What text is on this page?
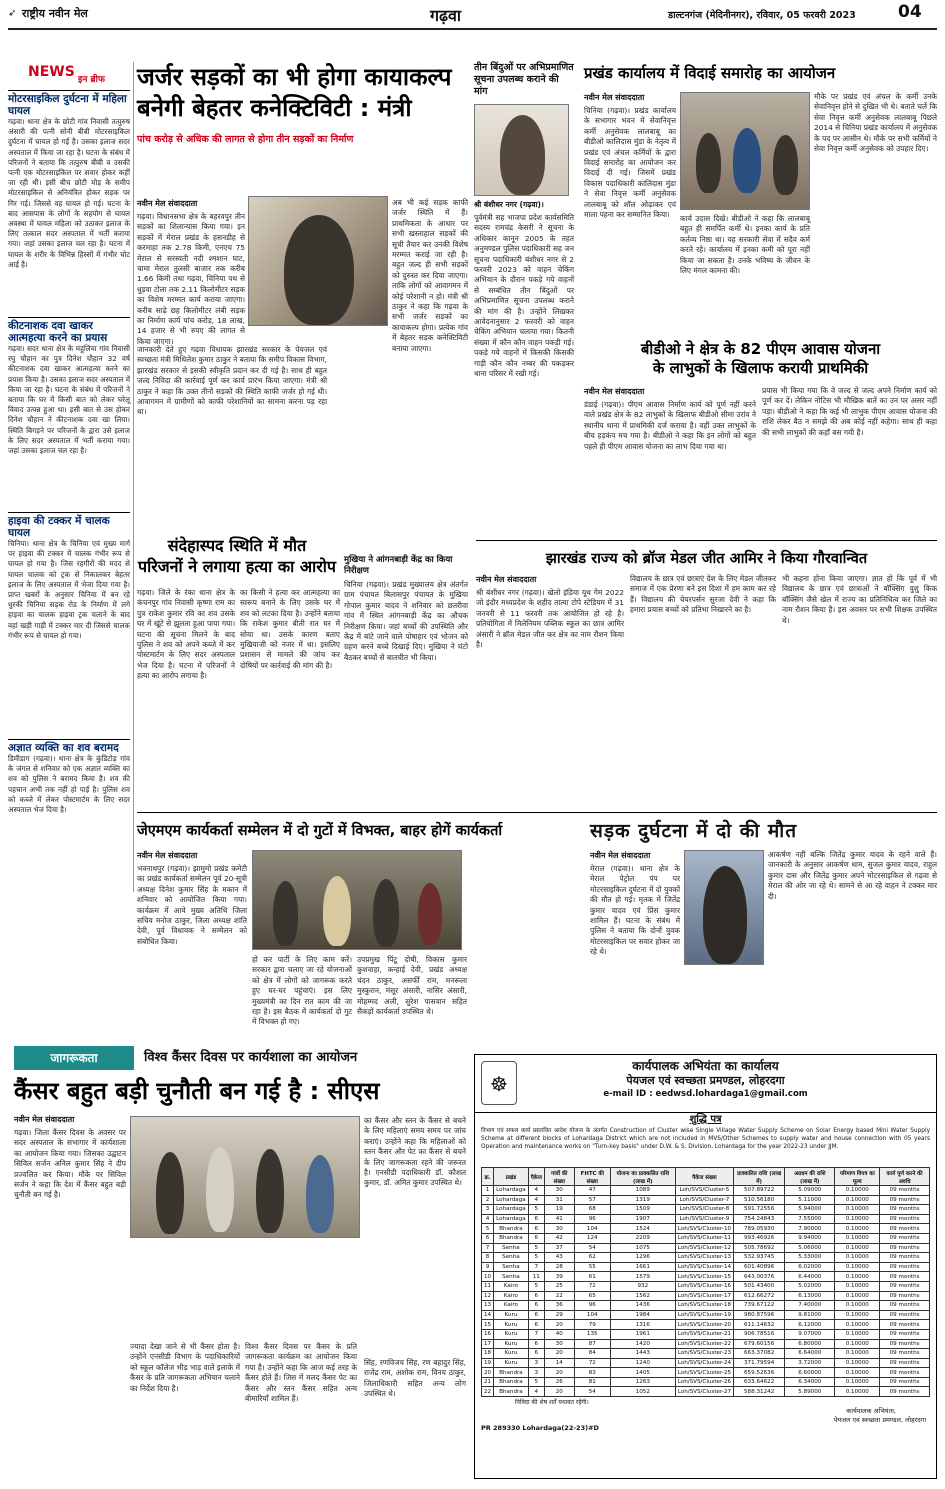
➶ राष्ट्रीय नवीन मेल	गढ़वा	डाल्टनगंज (मेदिनीनगर), रविवार, 05 फरवरी 2023 04
NEWS इन ब्रीफ
मोटरसाइकिल दुर्घटना में महिला घायल
गढ़वा। थाना क्षेत्र के छोटी गांव निवासी तत्पुरुष अंसारी की पत्नी सोनी बीबी मोटरसाइकिल दुर्घटना में घायल हो गई है। उसका इलाज सदर अस्पताल में किया जा रहा है। घटना के संबंध में परिजनों ने बताया कि तत्पुरुष बीबी व उसकी पत्नी एक मोटरसाइकिल पर सवार होकर कहीं जा रही थी। इसी बीच छोटी मोड़ के समीप मोटरसाइकिल से अनियंत्रित होकर सड़क पर गिर गई। जिससे वह घायल हो गई। घटना के बाद आसपास के लोगों के सहयोग से घायल अवस्था में घायल महिला को उठाकर इलाज के लिए तत्काल सदर अस्पताल में भर्ती कराया गया। जहां उसका इलाज चल रहा है। घटना में घायल के शरीर के विभिन्न हिस्सों में गंभीर चोट आई है।
कीटनाशक दवा खाकर आत्महत्या करने का प्रयास
गढ़वा। सदर थाना क्षेत्र के महुलिया गांव निवासी रघु चौहान का पुत्र दिनेश चौहान 32 वर्ष कीटनाशक दवा खाकर आत्महत्या करने का प्रयास किया है। उसका इलाज सदर अस्पताल में किया जा रहा है। घटना के संबंध में परिजनों ने बताया कि घर में किसी बात को लेकर घरेलू विवाद उत्पन्न हुआ था। इसी बात से उस होकर दिनेश चौहान ने कीटनाशक दवा खा लिया। स्थिति बिगड़ने पर परिजनों के द्वारा उसे इलाज के लिए सदर अस्पताल में भर्ती कराया गया। जहां उसका इलाज चल रहा है।
हाइवा की टक्कर में चालक घायल
चिनिया। थाना क्षेत्र के चिनिया एवं मुख्य मार्ग पर हाइवा की टक्कर में चालक गंभीर रूप से घायल हो गया है। जिस रहगीरों की मदद से घायल चालक को ट्रक से निकालकर बेहतर इलाज के लिए अस्पताल में भेजा दिया गया है। प्राप्त खबरों के अनुसार चिनिया में बन रहे धुरकी चिनिया सड़क रोड के निर्माण में लगे हाइवा का चालक हाइवा ट्रक चलाने के बाद वहां खड़ी गाड़ी में टक्कर मार दी जिससे चालक गंभीर रूप से घायल हो गया।
अज्ञात व्यक्ति का शव बरामद
डिमीडाग (गढ़वा)। थाना क्षेत्र के कुंडिटोड़ गांव के जंगल से शनिवार को एक अज्ञात व्यक्ति का शव को पुलिस ने बरामद किया है। शव की पहचान अभी तक नहीं हो पाई है। पुलिस शव को कब्जे में लेकर पोस्टमार्टम के लिए सदर अस्पताल भेज दिया है।
जर्जर सड़कों का भी होगा कायाकल्प
बनेगी बेहतर कनेक्टिविटी : मंत्री
पांच करोड़ से अधिक की लागत से होगा तीन सड़कों का निर्माण
नवीन मेल संवाददाता
गढ़वा। विधानसभा क्षेत्र के बहरवपुर तीन सड़कों का शिलान्यास किया गया। इन सड़कों में मेराल प्रखंड के हसनडीह से करमाहा तक 2.78 किमी, एनएच 75 मेराल से सरस्वती नदी श्मशान घाट, चामा मेराल तुलसी बाजार तक करीब 1.66 किमी तथा गढ़वा, चिनिया पथ से धुड़वा टोला तक 2.11 किलोमीटर सड़क का विशेष मरम्मत कार्य कराया जाएगा। करीब साढ़े छह किलोमीटर लंबी सड़क का निर्माण कार्य पांच करोड़, 18 लाख, 14 हजार से भी रुपए की लागत से किया जाएगा।
अब भी कई सड़क काफी जर्जर स्थिति में हैं। प्राथमिकता के आधार पर सभी खस्ताहाल सड़कों की सूची तैयार कर उनकी विशेष मरम्मत कराई जा रही है। बहुत जल्द ही सभी सड़कों को दुरुस्त कर दिया जाएगा। ताकि लोगों को आवागमन में कोई परेशानी न हो। मंत्री श्री ठाकुर ने कहा कि गढ़वा के सभी जर्जर सड़कों का कायाकल्प होगा। प्रत्येक गांव में बेहतर सड़क कनेक्टिविटी बनाया जाएगा।
जानकारी देते हुए गढ़वा विधायक झारखंड सरकार के पेयजल एवं स्वच्छता मंत्री मिथिलेश कुमार ठाकुर ने बताया कि समीप विकास विभाग, झारखंड सरकार से इसकी स्वीकृति प्रदान कर दी गई है। साथ ही बहुत जल्द निविदा की कार्रवाई पूर्ण कर कार्य प्रारंभ किया जाएगा। मंत्री श्री ठाकुर ने कहा कि उक्त तीनों सड़कों की स्थिति काफी जर्जर हो गई थी। आवागमन में ग्रामीणों को काफी परेशानियों का सामना करना पड़ रहा था।
तीन बिंदुओं पर अभिप्रमाणित सूचना उपलब्ध कराने की मांग
श्री बंशीधर नगर (गढ़वा)।
पूर्वमंत्री सह भाजपा प्रदेश कार्यसमिति सदस्य रामचंद्र केसरी ने सूचना के अधिकार कानून 2005 के तहत अनुमण्डल पुलिस पदाधिकारी सह जन सूचना पदाधिकारी बंशीधर नगर से 2 फरवरी 2023 को वाहन चेकिंग अभियान के दौरान पकड़े गये वाहनों से सम्बंधित तीन बिंदुओं पर अभिप्रमाणित सूचना उपलब्ध कराने की मांग की है। उन्होंने लिखकर आवेदनानुसार 2 फरवरी को वाहन चेकिंग अभियान चलाया गया। कितनी संख्या में कौन कौन वाहन पकड़ी गई। पकड़े गये वाहनों में किसकी किसकी गाड़ी कौन कौन नम्बर की पकड़कर थाना परिसर में रखी गई।
प्रखंड कार्यालय में विदाई समारोह का आयोजन
नवीन मेल संवाददाता
चिनिया (गढ़वा)। प्रखंड कार्यालय के सभागार भवन में सेवानिवृत्त कर्मी अनुसेवक लालबाबू का बीडीओ कालिदास मुंडा के नेतृत्व में प्रखंड एवं अंचल कर्मियों के द्वारा विदाई समारोह का आयोजन कर विदाई दी गई। जिसमें प्रखंड विकास पदाधिकारी कालिदास मुंडा ने सेवा निवृत्त कर्मी अनुसेवक लालबाबू को शॉल ओढ़ाकर एवं माला पहना कर सम्मानित किया।	कार्य उदास दिखे। बीडीओ ने कहा कि लालबाबू बहुत ही समर्पित कर्मी थे। इनका कार्य के प्रति कर्तव्य निष्ठा था। यह सरकारी सेवा में सदैव कर्म करते रहे। कार्यालय में इनका कमी को पूरा नहीं किया जा सकता है। उनके भविष्य के जीवन के लिए मंगल कामना की।
मौके पर प्रखंड एवं अंचल के कर्मी उनके सेवानिवृत्त होने से दुखित भी थे। बताते चलें कि सेवा निवृत्त कर्मी अनुसेवक लालबाबू पिछले 2014 से चिनिया प्रखंड कार्यालय में अनुसेवक के पद पर आसीन थे। मौके पर सभी कर्मियों ने सेवा निवृत्त कर्मी अनुसेवक को उपहार दिए।
बीडीओ ने क्षेत्र के 82 पीएम आवास योजना
के लाभुकों के खिलाफ करायी प्राथमिकी
नवीन मेल संवाददाता
डंडाई (गढ़वा)। पीएम आवास निर्माण कार्य को पूर्ण नहीं करने वाले प्रखंड क्षेत्र के 82 लाभुकों के खिलाफ बीडीओ सीमा उरांव ने स्थानीय थाना में प्राथमिकी दर्ज कराया है। वहीं उक्त लाभुकों के बीच हड़कंप मच गया है। बीडीओ ने कहा कि इन लोगों को बहुत पहले ही पीएम आवास योजना का लाभ दिया गया था।
प्रयास भी किया गया कि वे जल्द से जल्द अपने निर्माण कार्य को पूर्ण कर दें। लेकिन नोटिस भी मौखिक बातें का उन पर असर नहीं पड़ा। बीडीओ ने कहा कि कई भी लाभुक पीएम आवास योजना की राशि लेकर बैठ न समझे की अब कोई नहीं कहेगा। साथ ही कहा की सभी लाभुकों की कहाँ बस गयी है।
संदेहास्पद स्थिति में मौत
परिजनों ने लगाया हत्या का आरोप
गढ़वा। जिले के रंका थाना क्षेत्र के कंचनपुर गांव निवासी कृष्णा राम का पुत्र राकेश कुमार रवि का शव उसके घर में खूंटे से झूलता हुआ पाया गया। घटना की सूचना मिलने के बाद पुलिस ने शव को अपने कब्जे में कर पोस्टमार्टम के लिए सदर अस्पताल भेज दिया है। घटना में परिजनों ने हत्या का आरोप लगाया है।
का किसी ने हत्या कर आत्महत्या का स्वरूप बनाने के लिए उसके घर में शव को लटका दिया है। उन्होंने बताया कि राकेश कुमार बीती रात घर में सोया था। उसके कारण बताए मुखियाजी को नजर में था। इसलिए प्रशासन से मामले की जांच कर दोषियों पर कार्रवाई की मांग की है।
मुखिया ने आंगनबाड़ी केंद्र का किया निरीक्षण
चिनिया (गढ़वा)। प्रखंड मुख्यालय क्षेत्र अंतर्गत ग्राम पंचायत बिलासपुर पंचायत के मुखिया गोपाल कुमार यादव ने शनिवार को छतरीवा गांव में स्थित आंगनबाड़ी केंद्र का औचक निरीक्षण किया। जहां बच्चों की उपस्थिति और केंद्र में बांटे जाने वाले पोषाहार एवं भोजन को ग्रहण करने बच्चे दिखाई दिए। मुखिया ने घंटो बैठकर बच्चों से बातचीत भी किया।
झारखंड राज्य को ब्रॉज मेडल जीत आमिर ने किया गौरवान्वित
नवीन मेल संवाददाता
श्री बंशीधर नगर (गढ़वा)। खेलो इंडिया यूथ गेम 2022 जो इंदौर मध्यप्रदेश के शहीद तात्या टोपे स्टेडियम में 31 जनवरी से 11 फरवरी तक आयोजित हो रहे है। प्रतियोगिता में मिलेनियम पब्लिक स्कूल का छात्र आमिर अंसारी ने ब्रॉज मेडल जीत कर क्षेत्र का नाम रौशन किया है।
विद्यालय के छात्र एवं छात्राएं देश के लिए मेडल जीतकर समाज में एक प्रेरणा बने इस दिशा में हम काम कर रहे हैं। विद्यालय की चेयरपर्सन सुरजा देवी ने कहा कि हमारा प्रयास बच्चों को प्रतिभा निखारने का है।
भी कहना होना किया जाएगा। ज्ञात हो कि पूर्व में भी विद्यालय के छात्र एवं छात्राओं ने बॉक्सिंग वुशु किक बॉक्सिंग जैसे खेल में राज्य का प्रतिनिधित्व कर जिले का नाम रौशन किया है। इस अवसर पर सभी शिक्षक उपस्थित थे।
जेएमएम कार्यकर्ता सम्मेलन में दो गुटों में विभक्त, बाहर होगें कार्यकर्ता
नवीन मेल संवाददाता
भवनाथपुर (गढ़वा)। झामुमो प्रखंड कमेटी का प्रखंड कार्यकर्ता सम्मेलन पूर्व 20-सूत्री अध्यक्ष दिनेश कुमार सिंह के मकान में शनिवार को आयोजित किया गया। कार्यक्रम में आये मुख्य अतिथि जिला सचिव मनोज ठाकुर, जिला अध्यक्ष शांति देवी, पूर्व विधायक ने सम्मेलन को संबोधित किया।
हो कर पार्टी के लिए काम करें। सरकार द्वारा चलाए जा रहे योजनाओं को क्षेत्र में लोगों को जागरूक करते हुए घर-घर पहुंचाएं। इस लिए मुख्यमंत्री का दिन रात काम की जा रहा है। इस बैठक में कार्यकर्ता दो गुट में विभक्त हो गए।
उपप्रमुख पिंटू दोषी, विकास कुमार कुशवाहा, कन्हाई देवी, प्रखंड अध्यक्ष चंदन ठाकुर, असर्फी राम, मनरूला मुस्कुरान, मंसूर अंसारी, नासिर अंसारी, मोहम्मद अली, सुरेश पासवान सहित सैकड़ों कार्यकर्ता उपस्थित थे।
सड़क दुर्घटना में दो की मौत
नवीन मेल संवाददाता
मेराल (गढ़वा)। थाना क्षेत्र के मेराल पेट्रोल पंप पर मोटरसाइकिल दुर्घटना में दो युवकों की मौत हो गई। मृतक में जितेंद्र कुमार यादव एवं प्रिंस कुमार शामिल हैं। घटना के संबंध में पुलिस ने बताया कि दोनों युवक मोटरसाइकिल पर सवार होकर जा रहे थे।
आकर्षण नहीं बल्कि जितेंद्र कुमार यादव के रहने वाले हैं। जानकारी के अनुसार आकर्षण धाम, सुजल कुमार यादव, राहुल कुमार दास और जितेंद्र कुमार अपने मोटरसाइकिल से गढ़वा से मेराल की ओर जा रहे थे। सामने से आ रहे वाहन ने टक्कर मार दी।
जागरूकता	विश्व कैंसर दिवस पर कार्यशाला का आयोजन
कैंसर बहुत बड़ी चुनौती बन गई है : सीएस
नवीन मेल संवाददाता
गढ़वा। जिला कैंसर दिवस के अवसर पर सदर अस्पताल के सभागार में कार्यशाला का आयोजन किया गया। जिसका उद्घाटन सिविल सर्जन अनिल कुमार सिंह ने दीप प्रज्वलित कर किया। मौके पर सिविल सर्जन ने कहा कि देश में कैंसर बहुत बड़ी चुनौती बन गई है।
का कैंसर और स्तन के कैंसर से बचने के लिए महिलाएं समय समय पर जांच कराएं। उन्होंने कहा कि महिलाओं को स्तन कैंसर और पेट का कैंसर से बचने के लिए जागरूकता रहने की जरूरत है। एनसीडी पदाधिकारी डॉ. कौशल कुमार, डॉ. अमित कुमार उपस्थित थे।
ज्यादा देखा जाने से भी कैंसर होता है। उन्होंने एनसीडी विभाग के पदाधिकारियों को स्कूल कॉलेज भीड़ भाड़ वाले इलाके में कैंसर के प्रति जागरूकता अभियान चलाने का निर्देश दिया है।
विश्व कैंसर दिवस पर कैंसर के प्रति जागरूकता कार्यक्रम का आयोजन किया गया है। उन्होंने कहा कि आज कई तरह के कैंसर होते हैं। जिस में मलद कैंसर पेट का कैंसर और स्तन कैंसर सहित अन्य बीमारियाँ शामिल हैं।
सिंह, रणविजय सिंह, रण बहादुर सिंह, राजेंद्र राम, अशोक राम, विनय ठाकुर, जिलाधिकारी सहित अन्य लोग उपस्थित थे।
☸
कार्यपालक अभियंता का कार्यालय
पेयजल एवं स्वच्छता प्रमण्डल, लोहरदगा
e-mail ID : eedwsd.lohardaga1@gmail.com
शुद्धि पत्र
विभाग एवं सफल कार्य प्रस्तावित आदेश योजना के अंतर्गत Construction of Cluster wise Single Village Water Supply Scheme on Solar Energy based Mini Water Supply Scheme at different blocks of Lohardaga District which are not included in MVS/Other Schemes to supply water and house connection with 05 years Operation and maintenance works on "Turn-key basis" under D.W. & S. Division, Lohardaga for the year 2022-23 under JJM.
क्र.	प्रखंड	पैकेज	गांवों की संख्या	FHTC की संख्या	योजना का प्राक्कलित राशि (लाख में)	पैकेज संख्या	प्राक्कलित राशि (लाख में)	अग्रधन की राशि (लाख में)	परिमाण विपत्र का मूल्य	कार्य पूर्ण करने की अवधि
1	Lohardaga	4	30	47	1089	Loh/SVS/Cluster-5	507.89722	5.09000	0.10000	09 months
2	Lohardaga	4	31	57	1319	Loh/SVS/Cluster-7	510.56180	5.11000	0.10000	09 months
3	Lohardaga	5	19	68	1509	Loh/SVS/Cluster-8	591.72556	5.94000	0.10000	09 months
4	Lohardaga	6	41	96	1907	Loh/SVS/Cluster-9	754.24843	7.55000	0.10000	09 months
5	Bhandra	6	30	104	1524	Loh/SVS/Cluster-10	789.05930	7.90000	0.10000	09 months
6	Bhandra	6	42	124	2209	Loh/SVS/Cluster-11	993.46926	9.94000	0.10000	09 months
7	Senha	5	37	54	1075	Loh/SVS/Cluster-12	505.78692	5.06000	0.10000	09 months
8	Senha	5	43	62	1296	Loh/SVS/Cluster-13	532.93745	5.33000	0.10000	09 months
9	Senha	7	28	55	1661	Loh/SVS/Cluster-14	601.40896	6.02000	0.10000	09 months
10	Senha	11	39	61	1579	Loh/SVS/Cluster-15	643.00376	6.44000	0.10000	09 months
11	Kairo	5	25	72	932	Loh/SVS/Cluster-16	501.43400	5.02000	0.10000	09 months
12	Kairo	6	22	65	1562	Loh/SVS/Cluster-17	612.66272	6.13000	0.10000	09 months
13	Kairo	6	36	96	1436	Loh/SVS/Cluster-18	739.67122	7.40000	0.10000	09 months
14	Kuru	6	29	104	1984	Loh/SVS/Cluster-19	980.87596	9.81000	0.10000	09 months
15	Kuru	6	20	79	1316	Loh/SVS/Cluster-20	611.14632	6.12000	0.10000	09 months
16	Kuru	7	40	135	1961	Loh/SVS/Cluster-21	906.78516	9.07000	0.10000	09 months
17	Kuru	6	30	87	1420	Loh/SVS/Cluster-22	679.60156	6.80000	0.10000	09 months
18	Kuru	6	20	84	1443	Loh/SVS/Cluster-23	663.37082	6.64000	0.10000	09 months
19	Kuru	3	14	72	1240	Loh/SVS/Cluster-24	371.79594	3.72000	0.10000	09 months
20	Bhandra	3	20	83	1405	Loh/SVS/Cluster-25	659.52636	6.60000	0.10000	09 months
21	Bhandra	5	26	81	1263	Loh/SVS/Cluster-26	633.64622	6.34000	0.10000	09 months
22	Bhandra	4	20	54	1052	Loh/SVS/Cluster-27	588.31242	5.89000	0.10000	09 months
निविदा की शेष शर्तें यथावत रहेंगी।
कार्यपालक अभियंता,
पेयजल एवं स्वच्छता प्रमण्डल, लोहरदगा
PR 289330 Lohardaga(22-23)#D
